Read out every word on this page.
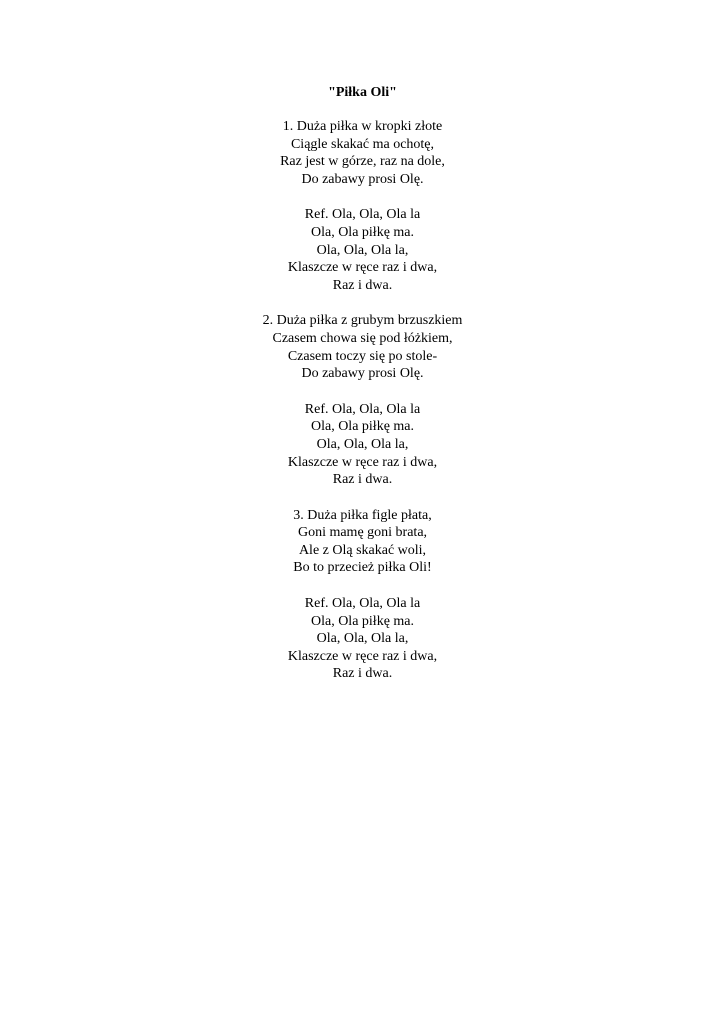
"Piłka Oli"
1. Duża piłka w kropki złote
Ciągle skakać ma ochotę,
Raz jest w górze, raz na dole,
Do zabawy prosi Olę.
Ref. Ola, Ola, Ola la
Ola, Ola piłkę ma.
Ola, Ola, Ola la,
Klaszcze w ręce raz i dwa,
Raz i dwa.
2. Duża piłka z grubym brzuszkiem
Czasem chowa się pod łóżkiem,
Czasem toczy się po stole-
Do zabawy prosi Olę.
Ref. Ola, Ola, Ola la
Ola, Ola piłkę ma.
Ola, Ola, Ola la,
Klaszcze w ręce raz i dwa,
Raz i dwa.
3. Duża piłka figle płata,
Goni mamę goni brata,
Ale z Olą skakać woli,
Bo to przecież piłka Oli!
Ref. Ola, Ola, Ola la
Ola, Ola piłkę ma.
Ola, Ola, Ola la,
Klaszcze w ręce raz i dwa,
Raz i dwa.
